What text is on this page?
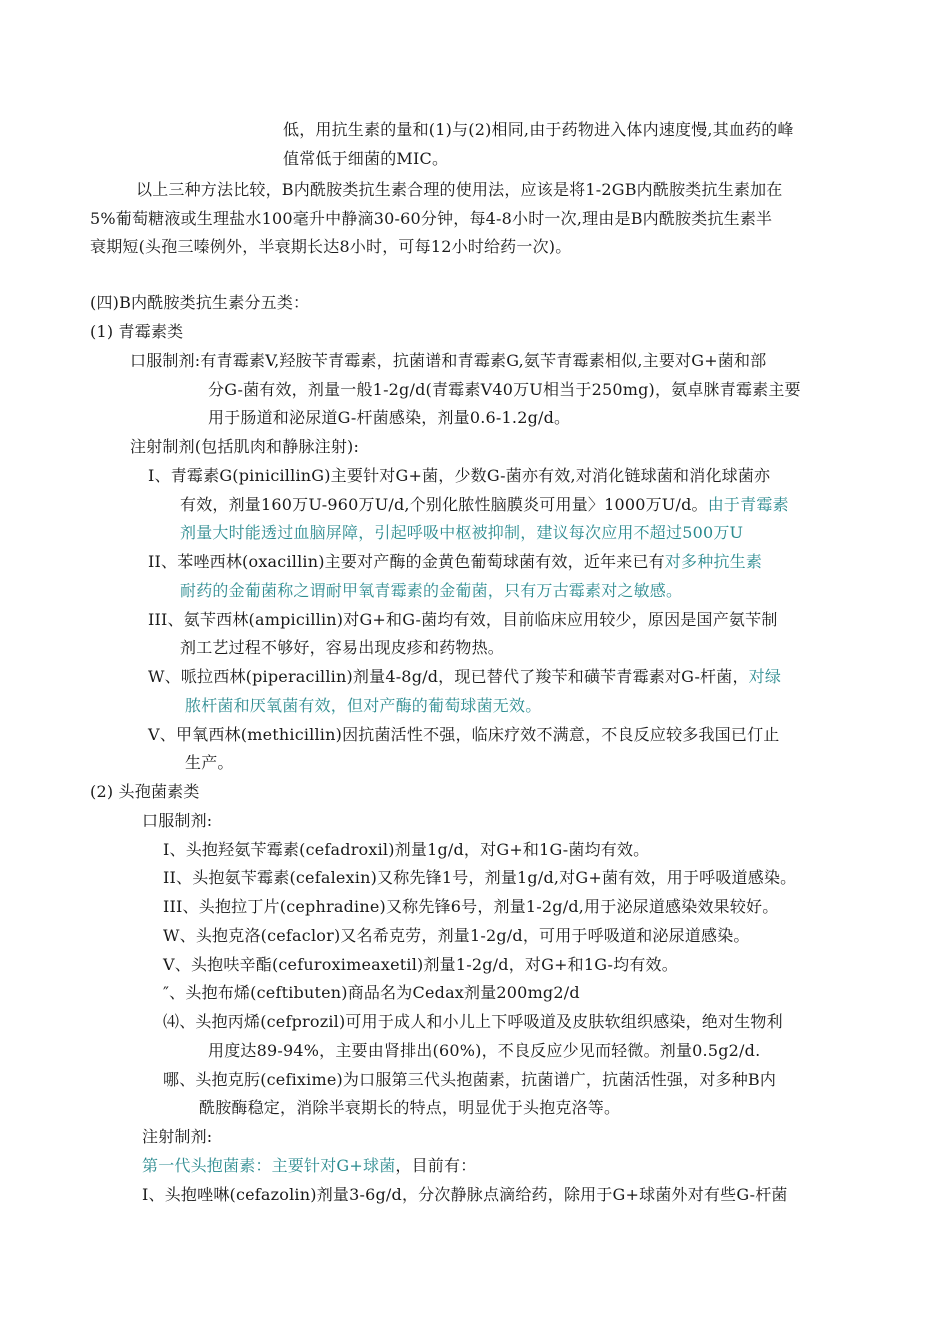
低，用抗生素的量和(1)与(2)相同,由于药物进入体内速度慢,其血药的峰
值常低于细菌的MIC。
以上三种方法比较，B内酰胺类抗生素合理的使用法，应该是将1-2GB内酰胺类抗生素加在
5%葡萄糖液或生理盐水100毫升中静滴30-60分钟，每4-8小时一次,理由是B内酰胺类抗生素半
衰期短(头孢三嗪例外，半衰期长达8小时，可每12小时给药一次)。
(四)B内酰胺类抗生素分五类：
(1) 青霉素类
口服制剂:有青霉素V,羟胺苄青霉素，抗菌谱和青霉素G,氨苄青霉素相似,主要对G+菌和部
分G-菌有效，剂量一般1-2g/d(青霉素V40万U相当于250mg)，氨卓脒青霉素主要
用于肠道和泌尿道G-杆菌感染，剂量0.6-1.2g/d。
注射制剂(包括肌肉和静脉注射):
I、青霉素G(pinicillinG)主要针对G+菌，少数G-菌亦有效,对消化链球菌和消化球菌亦
有效，剂量160万U-960万U/d,个别化脓性脑膜炎可用量〉1000万U/d。由于青霉素
剂量大时能透过血脑屏障，引起呼吸中枢被抑制，建议每次应用不超过500万U
II、苯唑西林(oxacillin)主要对产酶的金黄色葡萄球菌有效，近年来已有对多种抗生素
耐药的金葡菌称之谓耐甲氧青霉素的金葡菌，只有万古霉素对之敏感。
III、氨苄西林(ampicillin)对G+和G-菌均有效，目前临床应用较少，原因是国产氨苄制
剂工艺过程不够好，容易出现皮疹和药物热。
W、哌拉西林(piperacillin)剂量4-8g/d，现已替代了羧苄和磺苄青霉素对G-杆菌，对绿
脓杆菌和厌氧菌有效，但对产酶的葡萄球菌无效。
V、甲氧西林(methicillin)因抗菌活性不强，临床疗效不满意，不良反应较多我国已仃止
生产。
(2) 头孢菌素类
口服制剂:
I、头抱羟氨苄霉素(cefadroxil)剂量1g/d，对G+和1G-菌均有效。
II、头抱氨苄霉素(cefalexin)又称先锋1号，剂量1g/d,对G+菌有效，用于呼吸道感染。
III、头抱拉丁片(cephradine)又称先锋6号，剂量1-2g/d,用于泌尿道感染效果较好。
W、头抱克洛(cefaclor)又名希克劳，剂量1-2g/d，可用于呼吸道和泌尿道感染。
V、头抱呋辛酯(cefuroximeaxetil)剂量1-2g/d，对G+和1G-均有效。
″、头抱布烯(ceftibuten)商品名为Cedax剂量200mg2/d
⑷、头抱丙烯(cefprozil)可用于成人和小儿上下呼吸道及皮肤软组织感染，绝对生物利
用度达89-94%，主要由肾排出(60%)，不良反应少见而轻微。剂量0.5g2/d.
哪、头抱克肟(cefixime)为口服第三代头抱菌素，抗菌谱广，抗菌活性强，对多种B内
酰胺酶稳定，消除半衰期长的特点，明显优于头抱克洛等。
注射制剂:
第一代头抱菌素：主要针对G+球菌，目前有：
I、头抱唑啉(cefazolin)剂量3-6g/d，分次静脉点滴给药，除用于G+球菌外对有些G-杆菌
